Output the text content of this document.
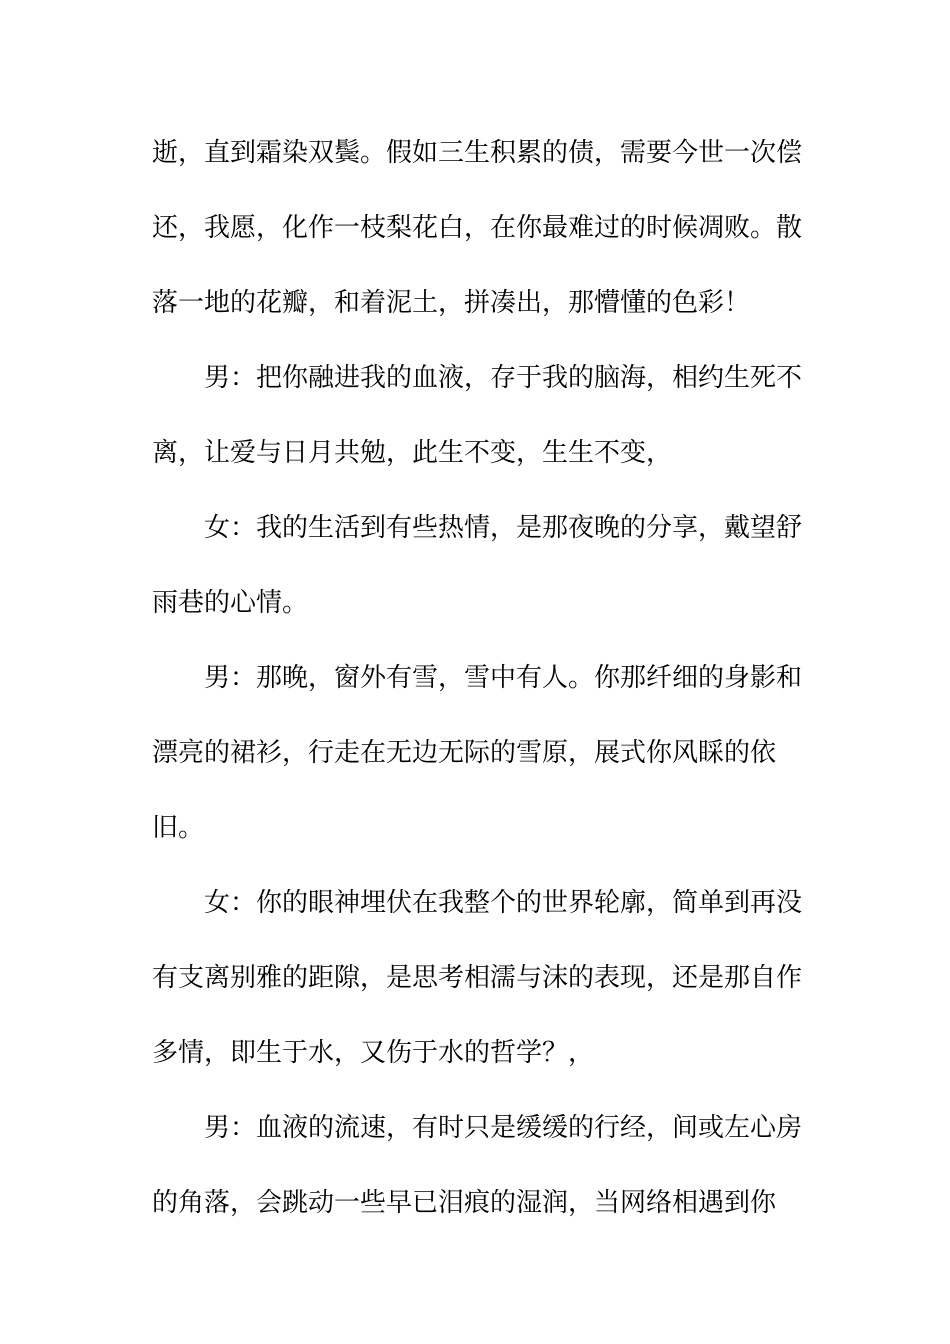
逝，直到霜染双鬓。假如三生积累的债，需要今世一次偿
还，我愿，化作一枝梨花白，在你最难过的时候凋败。散
落一地的花瓣，和着泥土，拼凑出，那懵懂的色彩！
男：把你融进我的血液，存于我的脑海，相约生死不
离，让爱与日月共勉，此生不变，生生不变，
女：我的生活到有些热情，是那夜晚的分享，戴望舒
雨巷的心情。
男：那晚，窗外有雪，雪中有人。你那纤细的身影和
漂亮的裙衫，行走在无边无际的雪原，展式你风睬的依
旧。
女：你的眼神埋伏在我整个的世界轮廓，简单到再没
有支离别雅的距隙，是思考相濡与沫的表现，还是那自作
多情，即生于水，又伤于水的哲学？，
男：血液的流速，有时只是缓缓的行经，间或左心房
的角落，会跳动一些早已泪痕的湿润，当网络相遇到你
